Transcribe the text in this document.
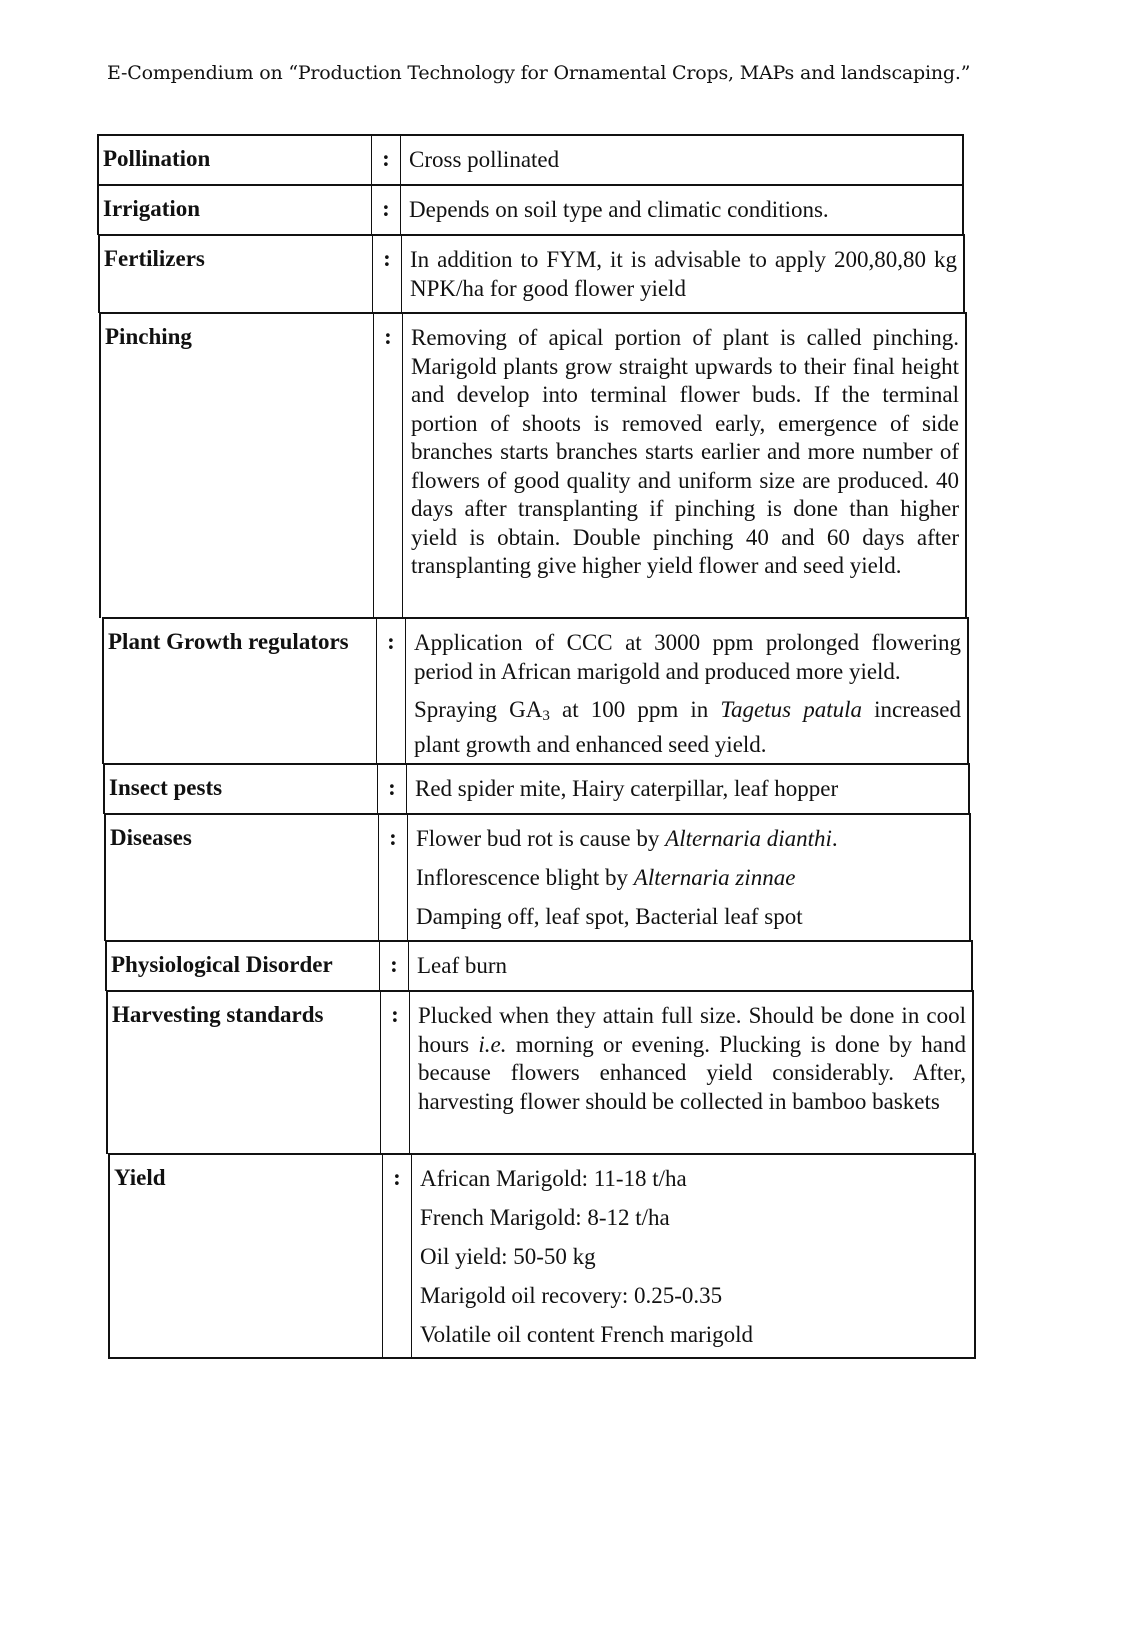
E-Compendium on “Production Technology for Ornamental Crops, MAPs and landscaping.”
Pollination	: Cross pollinated
Irrigation	: Depends on soil type and climatic conditions.
Fertilizers	: In addition to FYM, it is advisable to apply 200,80,80 kg NPK/ha for good flower yield
Pinching	: Removing of apical portion of plant is called pinching. Marigold plants grow straight upwards to their final height and develop into terminal flower buds. If the terminal portion of shoots is removed early, emergence of side branches starts branches starts earlier and more number of flowers of good quality and uniform size are produced. 40 days after transplanting if pinching is done than higher yield is obtain. Double pinching 40 and 60 days after transplanting give higher yield flower and seed yield.
Plant Growth regulators	: Application of CCC at 3000 ppm prolonged flowering period in African marigold and produced more yield.

Spraying $GA_3$ at 100 ppm in Tagetus patula increased plant growth and enhanced seed yield.

Insect pests	: Red spider mite, Hairy caterpillar, leaf hopper
Diseases	: Flower bud rot is cause by Alternaria dianthi.

Inflorescence blight by Alternaria zinnae

Damping off, leaf spot, Bacterial leaf spot

Physiological Disorder	: Leaf burn
Harvesting standards	: Plucked when they attain full size. Should be done in cool hours i.e. morning or evening. Plucking is done by hand because flowers enhanced yield considerably. After, harvesting flower should be collected in bamboo baskets
Yield	: African Marigold: 11-18 t/ha

French Marigold: 8-12 t/ha

Oil yield: 50-50 kg

Marigold oil recovery: 0.25-0.35

Volatile oil content French marigold
